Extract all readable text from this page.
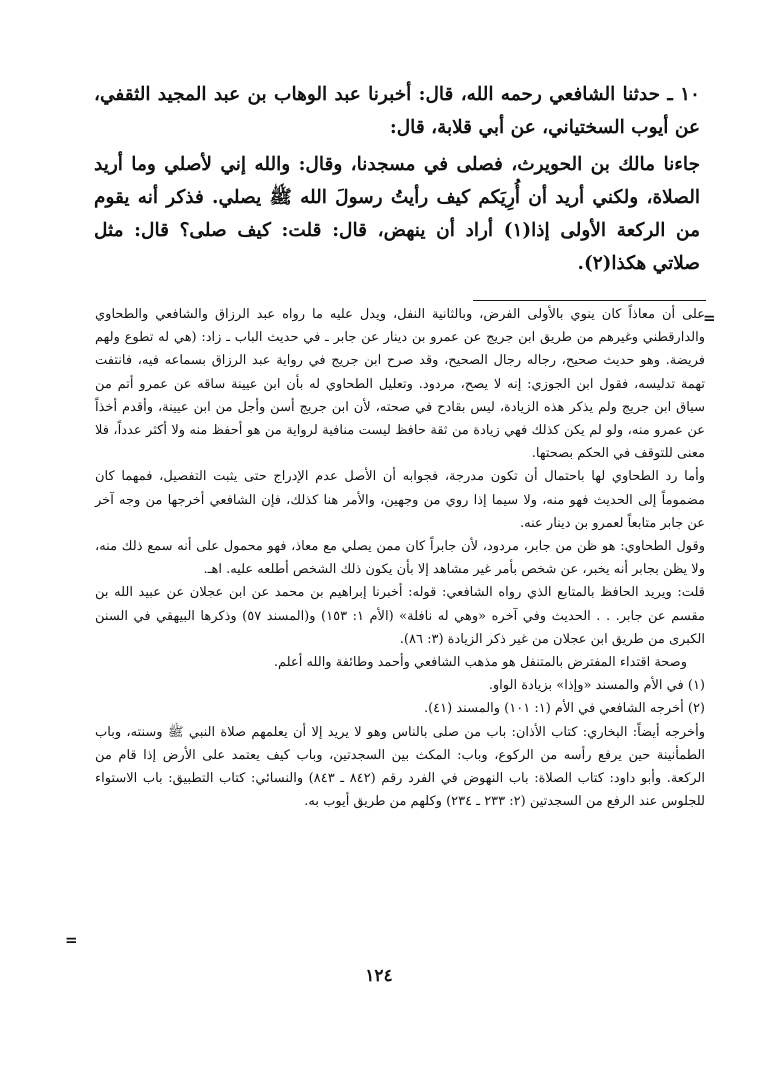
١٠ ـ حدثنا الشافعي رحمه الله، قال: أخبرنا عبد الوهاب بن عبد المجيد الثقفي، عن أيوب السختياني، عن أبي قلابة، قال:

جاءنا مالك بن الحويرث، فصلى في مسجدنا، وقال: والله إني لأصلي وما أريد الصلاة، ولكني أريد أن أُرِيَكم كيف رأيتُ رسولَ الله ﷺ يصلي. فذكر أنه يقوم من الركعة الأولى إذا(١) أراد أن ينهض، قال: قلت: كيف صلى؟ قال: مثل صلاتي هكذا(٢).

=

على أن معاذاً كان ينوي بالأولى الفرض، وبالثانية النفل، ويدل عليه ما رواه عبد الرزاق والشافعي والطحاوي والدارقطني وغيرهم من طريق ابن جريج عن عمرو بن دينار عن جابر ـ في حديث الباب ـ زاد: (هي له تطوع ولهم فريضة. وهو حديث صحيح، رجاله رجال الصحيح، وقد صرح ابن جريج في رواية عبد الرزاق بسماعه فيه، فانتفت تهمة تدليسه، فقول ابن الجوزي: إنه لا يصح، مردود. وتعليل الطحاوي له بأن ابن عيينة ساقه عن عمرو أتم من سياق ابن جريج ولم يذكر هذه الزيادة، ليس بقادح في صحته، لأن ابن جريج أسن وأجل من ابن عيينة، وأقدم أخذاً عن عمرو منه، ولو لم يكن كذلك فهي زيادة من ثقة حافظ ليست منافية لرواية من هو أحفظ منه ولا أكثر عدداً، فلا معنى للتوقف في الحكم بصحتها.

وأما رد الطحاوي لها باحتمال أن تكون مدرجة، فجوابه أن الأصل عدم الإدراج حتى يثبت التفصيل، فمهما كان مضموماً إلى الحديث فهو منه، ولا سيما إذا روي من وجهين، والأمر هنا كذلك، فإن الشافعي أخرجها من وجه آخر عن جابر متابعاً لعمرو بن دينار عنه.

وقول الطحاوي: هو ظن من جابر، مردود، لأن جابراً كان ممن يصلي مع معاذ، فهو محمول على أنه سمع ذلك منه، ولا يظن بجابر أنه يخبر، عن شخص بأمر غير مشاهد إلا بأن يكون ذلك الشخص أطلعه عليه. اهـ.

قلت: ويريد الحافظ بالمتابع الذي رواه الشافعي: قوله: أخبرنا إبراهيم بن محمد عن ابن عجلان عن عبيد الله بن مقسم عن جابر. . . الحديث وفي آخره «وهي له نافلة» (الأم ١: ١٥٣) و(المسند ٥٧) وذكرها البيهقي في السنن الكبرى من طريق ابن عجلان من غير ذكر الزيادة (٣: ٨٦).

وصحة اقتداء المفترض بالمتنفل هو مذهب الشافعي وأحمد وطائفة والله أعلم.

(١) في الأم والمسند «وإذا» بزيادة الواو.

(٢) أخرجه الشافعي في الأم (١: ١٠١) والمسند (٤١).

وأخرجه أيضاً: البخاري: كتاب الأذان: باب من صلى بالناس وهو لا يريد إلا أن يعلمهم صلاة النبي ﷺ وسنته، وباب الطمأنينة حين يرفع رأسه من الركوع، وباب: المكث بين السجدتين، وباب كيف يعتمد على الأرض إذا قام من الركعة. وأبو داود: كتاب الصلاة: باب النهوض في الفرد رقم (٨٤٢ ـ ٨٤٣) والنسائي: كتاب التطبيق: باب الاستواء للجلوس عند الرفع من السجدتين (٢: ٢٣٣ ـ ٢٣٤) وكلهم من طريق أيوب به.

=
١٢٤
